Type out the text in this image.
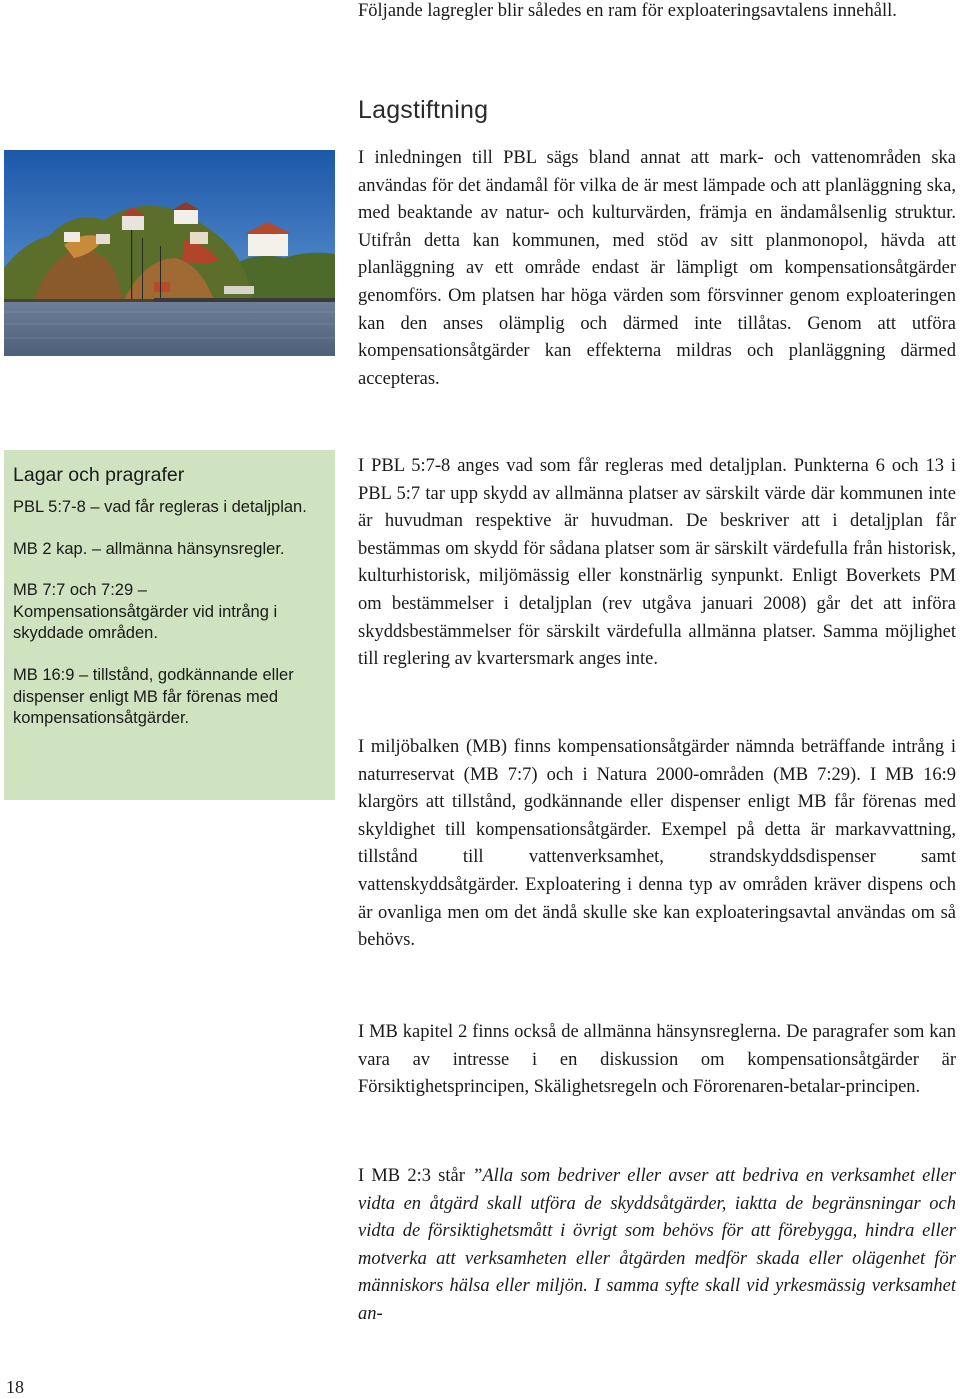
Följande lagregler blir således en ram för exploateringsavtalens innehåll.

Lagstiftning

I inledningen till PBL sägs bland annat att mark- och vattenområden ska användas för det ändamål för vilka de är mest lämpade och att planläggning ska, med beaktande av natur- och kulturvärden, främja en ändamålsenlig struktur. Utifrån detta kan kommunen, med stöd av sitt planmonopol, hävda att planläggning av ett område endast är lämpligt om kompensationsåtgärder genomförs. Om platsen har höga värden som försvinner genom exploateringen kan den anses olämplig och därmed inte tillåtas. Genom att utföra kompensationsåtgärder kan effekterna mildras och planläggning därmed accepteras.

I PBL 5:7-8 anges vad som får regleras med detaljplan. Punkterna 6 och 13 i PBL 5:7 tar upp skydd av allmänna platser av särskilt värde där kommunen inte är huvudman respektive är huvudman. De beskriver att i detaljplan får bestämmas om skydd för sådana platser som är särskilt värdefulla från historisk, kulturhistorisk, miljömässig eller konstnärlig synpunkt. Enligt Boverkets PM om bestämmelser i detaljplan (rev utgåva januari 2008) går det att införa skyddsbestämmelser för särskilt värdefulla allmänna platser. Samma möjlighet till reglering av kvartersmark anges inte.

I miljöbalken (MB) finns kompensationsåtgärder nämnda beträffande intrång i naturreservat (MB 7:7) och i Natura 2000-områden (MB 7:29). I MB 16:9 klargörs att tillstånd, godkännande eller dispenser enligt MB får förenas med skyldighet till kompensationsåtgärder. Exempel på detta är markavvattning, tillstånd till vattenverksamhet, strandskyddsdispenser samt vattenskyddsåtgärder. Exploatering i denna typ av områden kräver dispens och är ovanliga men om det ändå skulle ske kan exploateringsavtal användas om så behövs.

I MB kapitel 2 finns också de allmänna hänsynsreglerna. De paragrafer som kan vara av intresse i en diskussion om kompensationsåtgärder är Försiktighetsprincipen, Skälighetsregeln och Förorenaren-betalar-principen.

I MB 2:3 står ”Alla som bedriver eller avser att bedriva en verksamhet eller vidta en åtgärd skall utföra de skyddsåtgärder, iaktta de begränsningar och vidta de försiktighetsmått i övrigt som behövs för att förebygga, hindra eller motverka att verksamheten eller åtgärden medför skada eller olägenhet för människors hälsa eller miljön. I samma syfte skall vid yrkesmässig verksamhet an-

Lagar och pragrafer

PBL 5:7-8 – vad får regleras i detaljplan.

MB 2 kap. – allmänna hänsynsregler.

MB 7:7 och 7:29 – Kompensationsåtgärder vid intrång i skyddade områden.

MB 16:9 – tillstånd, godkännande eller dispenser enligt MB får förenas med kompensationsåtgärder.

18
